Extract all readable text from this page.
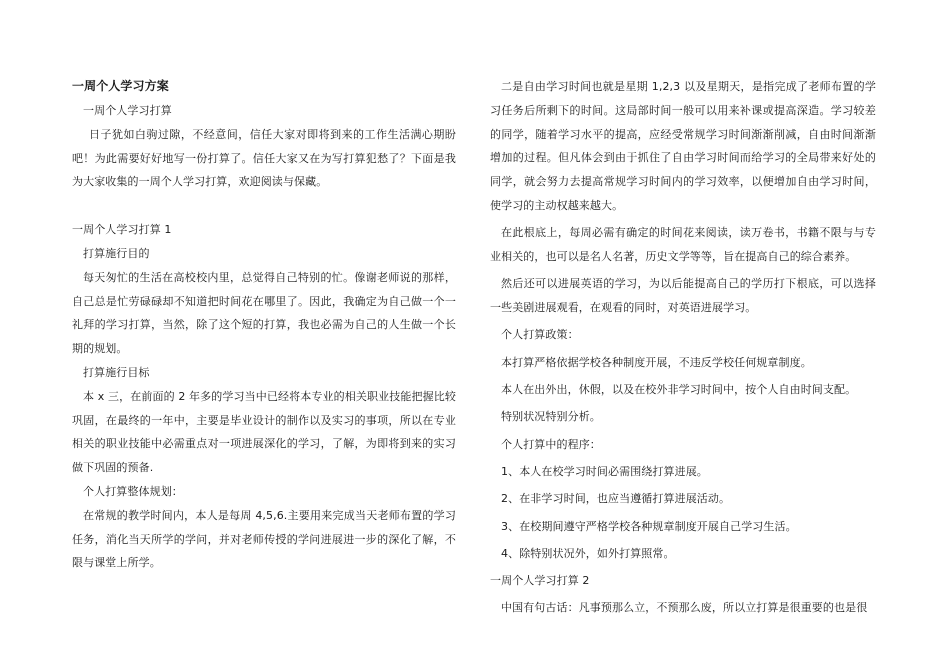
一周个人学习方案

一周个人学习打算

日子犹如白驹过隙，不经意间，信任大家对即将到来的工作生活满心期盼吧！为此需要好好地写一份打算了。信任大家又在为写打算犯愁了？下面是我为大家收集的一周个人学习打算，欢迎阅读与保藏。

一周个人学习打算 1

打算施行目的

每天匆忙的生活在高校校内里，总觉得自己特别的忙。像谢老师说的那样，自己总是忙劳碌碌却不知道把时间花在哪里了。因此，我确定为自己做一个一礼拜的学习打算，当然，除了这个短的打算，我也必需为自己的人生做一个长期的规划。

打算施行目标

本 x 三，在前面的 2 年多的学习当中已经将本专业的相关职业技能把握比较巩固，在最终的一年中，主要是毕业设计的制作以及实习的事项，所以在专业相关的职业技能中必需重点对一项进展深化的学习，了解，为即将到来的实习做下巩固的预备.

个人打算整体规划：

在常规的教学时间内，本人是每周 4,5,6.主要用来完成当天老师布置的学习任务，消化当天所学的学问，并对老师传授的学问进展进一步的深化了解，不限与课堂上所学。

二是自由学习时间也就是星期 1,2,3 以及星期天，是指完成了老师布置的学习任务后所剩下的时间。这局部时间一般可以用来补课或提高深造。学习较差的同学，随着学习水平的提高，应经受常规学习时间渐渐削减，自由时间渐渐增加的过程。但凡体会到由于抓住了自由学习时间而给学习的全局带来好处的同学，就会努力去提高常规学习时间内的学习效率，以便增加自由学习时间，使学习的主动权越来越大。

在此根底上，每周必需有确定的时间花来阅读，读万卷书，书籍不限与与专业相关的，也可以是名人名著，历史文学等等，旨在提高自己的综合素养。

然后还可以进展英语的学习，为以后能提高自己的学历打下根底，可以选择一些美剧进展观看，在观看的同时，对英语进展学习。

个人打算政策：

本打算严格依据学校各种制度开展，不违反学校任何规章制度。

本人在出外出，休假，以及在校外非学习时间中，按个人自由时间支配。

特别状况特别分析。

个人打算中的程序：

1、本人在校学习时间必需围绕打算进展。

2、在非学习时间，也应当遵循打算进展活动。

3、在校期间遵守严格学校各种规章制度开展自己学习生活。

4、除特别状况外，如外打算照常。

一周个人学习打算 2

中国有句古话：凡事预那么立，不预那么废，所以立打算是很重要的也是很
